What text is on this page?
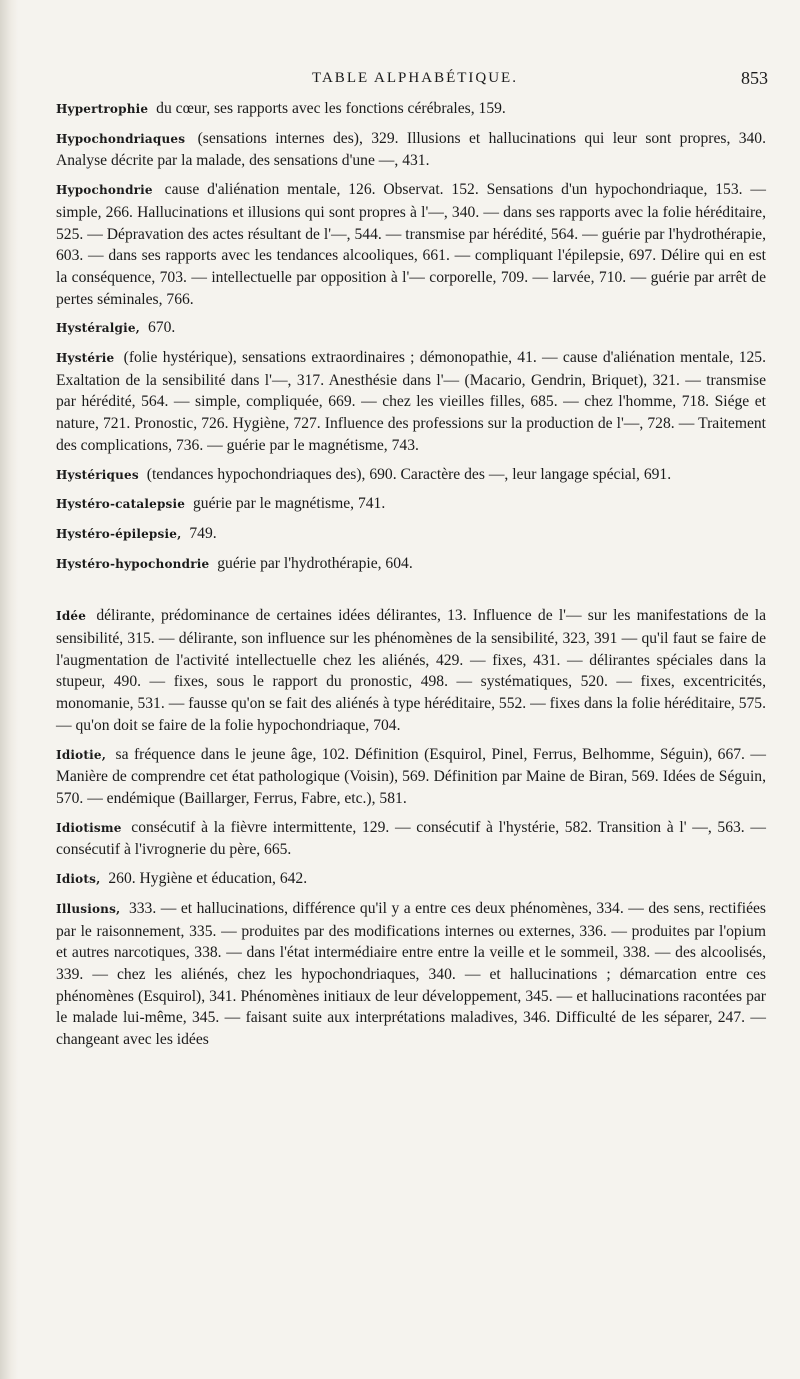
TABLE ALPHABÉTIQUE.	853

Hypertrophie du cœur, ses rapports avec les fonctions cérébrales, 159.

Hypochondriaques (sensations internes des), 329. Illusions et hallucinations qui leur sont propres, 340. Analyse décrite par la malade, des sensations d'une —, 431.

Hypochondrie cause d'aliénation mentale, 126. Observat. 152. Sensations d'un hypochondriaque, 153. — simple, 266. Hallucinations et illusions qui sont propres à l'—, 340. — dans ses rapports avec la folie héréditaire, 525. — Dépravation des actes résultant de l'—, 544. — transmise par hérédité, 564. — guérie par l'hydrothérapie, 603. — dans ses rapports avec les tendances alcooliques, 661. — compliquant l'épilepsie, 697. Délire qui en est la conséquence, 703. — intellectuelle par opposition à l'— corporelle, 709. — larvée, 710. — guérie par arrêt de pertes séminales, 766.

Hystéralgie, 670.

Hystérie (folie hystérique), sensations extraordinaires ; démonopathie, 41. — cause d'aliénation mentale, 125. Exaltation de la sensibilité dans l'—, 317. Anesthésie dans l'— (Macario, Gendrin, Briquet), 321. — transmise par hérédité, 564. — simple, compliquée, 669. — chez les vieilles filles, 685. — chez l'homme, 718. Siége et nature, 721. Pronostic, 726. Hygiène, 727. Influence des professions sur la production de l'—, 728. — Traitement des complications, 736. — guérie par le magnétisme, 743.

Hystériques (tendances hypochondriaques des), 690. Caractère des —, leur langage spécial, 691.

Hystéro-catalepsie guérie par le magnétisme, 741.

Hystéro-épilepsie, 749.

Hystéro-hypochondrie guérie par l'hydrothérapie, 604.

Idée délirante, prédominance de certaines idées délirantes, 13. Influence de l'— sur les manifestations de la sensibilité, 315. — délirante, son influence sur les phénomènes de la sensibilité, 323, 391 — qu'il faut se faire de l'augmentation de l'activité intellectuelle chez les aliénés, 429. — fixes, 431. — délirantes spéciales dans la stupeur, 490. — fixes, sous le rapport du pronostic, 498. — systématiques, 520. — fixes, excentricités, monomanie, 531. — fausse qu'on se fait des aliénés à type héréditaire, 552. — fixes dans la folie héréditaire, 575. — qu'on doit se faire de la folie hypochondriaque, 704.

Idiotie, sa fréquence dans le jeune âge, 102. Définition (Esquirol, Pinel, Ferrus, Belhomme, Séguin), 667. — Manière de comprendre cet état pathologique (Voisin), 569. Définition par Maine de Biran, 569. Idées de Séguin, 570. — endémique (Baillarger, Ferrus, Fabre, etc.), 581.

Idiotisme consécutif à la fièvre intermittente, 129. — consécutif à l'hystérie, 582. Transition à l' —, 563. — consécutif à l'ivrognerie du père, 665.

Idiots, 260. Hygiène et éducation, 642.

Illusions, 333. — et hallucinations, différence qu'il y a entre ces deux phénomènes, 334. — des sens, rectifiées par le raisonnement, 335. — produites par des modifications internes ou externes, 336. — produites par l'opium et autres narcotiques, 338. — dans l'état intermédiaire entre entre la veille et le sommeil, 338. — des alcoolisés, 339. — chez les aliénés, chez les hypochondriaques, 340. — et hallucinations ; démarcation entre ces phénomènes (Esquirol), 341. Phénomènes initiaux de leur développement, 345. — et hallucinations racontées par le malade lui-même, 345. — faisant suite aux interprétations maladives, 346. Difficulté de les séparer, 247. — changeant avec les idées
